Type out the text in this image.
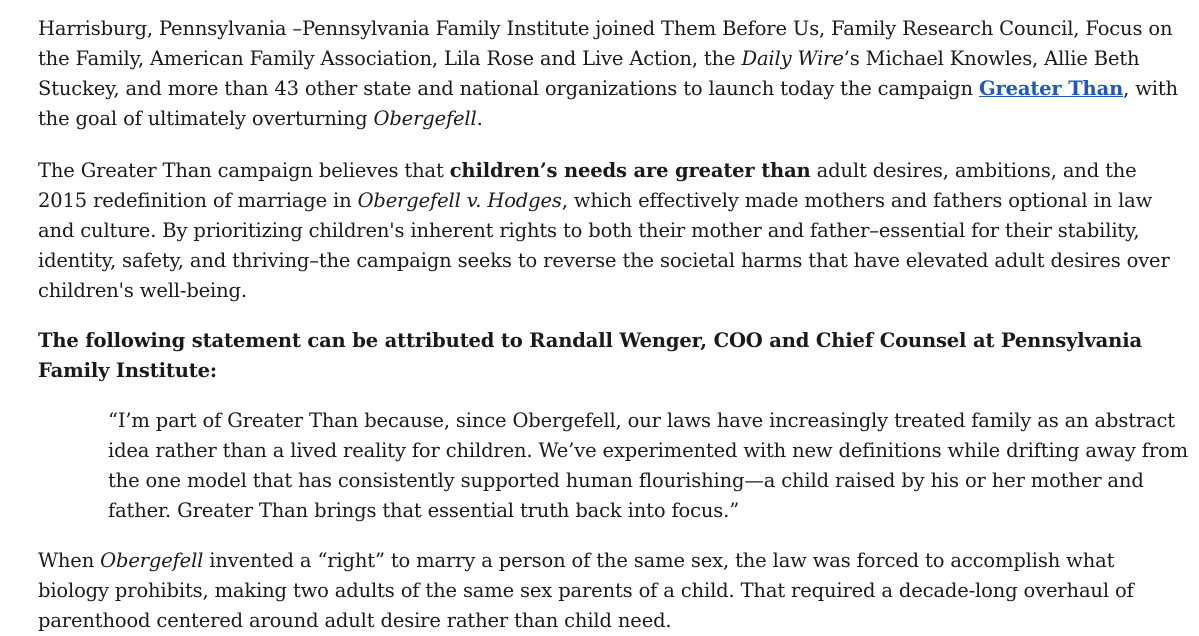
Harrisburg, Pennsylvania –Pennsylvania Family Institute joined Them Before Us, Family Research Council, Focus on the Family, American Family Association, Lila Rose and Live Action, the Daily Wire’s Michael Knowles, Allie Beth Stuckey, and more than 43 other state and national organizations to launch today the campaign Greater Than, with the goal of ultimately overturning Obergefell.

The Greater Than campaign believes that children’s needs are greater than adult desires, ambitions, and the 2015 redefinition of marriage in Obergefell v. Hodges, which effectively made mothers and fathers optional in law and culture. By prioritizing children's inherent rights to both their mother and father–essential for their stability, identity, safety, and thriving–the campaign seeks to reverse the societal harms that have elevated adult desires over children's well-being.

The following statement can be attributed to Randall Wenger, COO and Chief Counsel at Pennsylvania Family Institute:

“I’m part of Greater Than because, since Obergefell, our laws have increasingly treated family as an abstract idea rather than a lived reality for children. We’ve experimented with new definitions while drifting away from the one model that has consistently supported human flourishing—a child raised by his or her mother and father. Greater Than brings that essential truth back into focus.”

When Obergefell invented a “right” to marry a person of the same sex, the law was forced to accomplish what biology prohibits, making two adults of the same sex parents of a child. That required a decade-long overhaul of parenthood centered around adult desire rather than child need.
